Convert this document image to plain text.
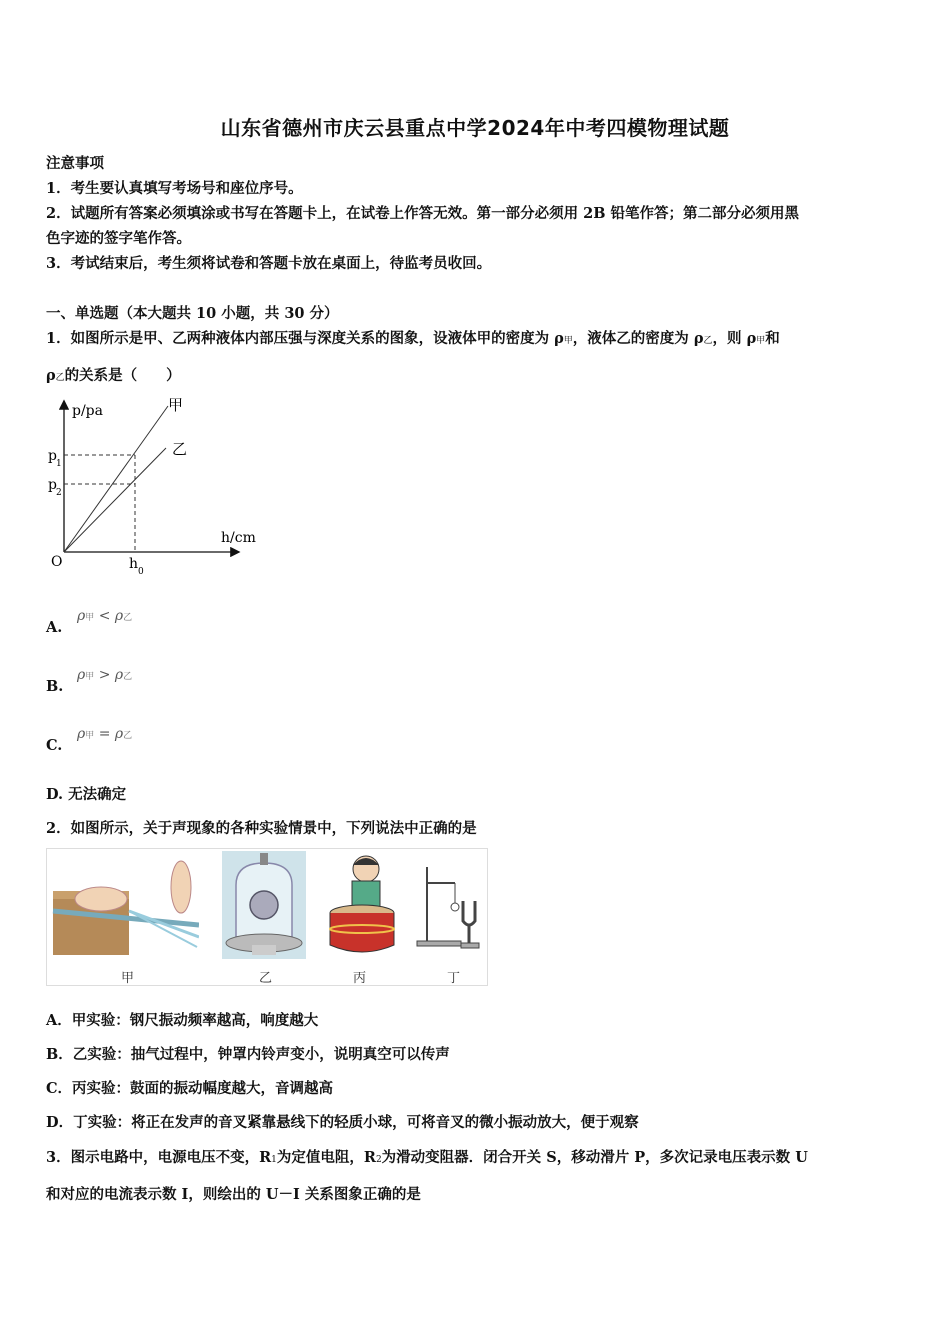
山东省德州市庆云县重点中学2024年中考四模物理试题
注意事项
1．考生要认真填写考场号和座位序号。
2．试题所有答案必须填涂或书写在答题卡上，在试卷上作答无效。第一部分必须用 2B 铅笔作答；第二部分必须用黑
色字迹的签字笔作答。
3．考试结束后，考生须将试卷和答题卡放在桌面上，待监考员收回。
一、单选题（本大题共 10 小题，共 30 分）
1．如图所示是甲、乙两种液体内部压强与深度关系的图象，设液体甲的密度为 ρ甲，液体乙的密度为 ρ乙，则 ρ甲和
ρ乙的关系是（　　）
p/pa
h/cm
O
p 1
p 2
h 0
甲
乙
A.
ρ甲 < ρ乙
B.
ρ甲 > ρ乙
C.
ρ甲 = ρ乙
D. 无法确定
2．如图所示，关于声现象的各种实验情景中，下列说法中正确的是
甲	乙	丙	丁
A．甲实验：钢尺振动频率越高，响度越大
B．乙实验：抽气过程中，钟罩内铃声变小，说明真空可以传声
C．丙实验：鼓面的振动幅度越大，音调越高
D．丁实验：将正在发声的音叉紧靠悬线下的轻质小球，可将音叉的微小振动放大，便于观察
3．图示电路中，电源电压不变，R1为定值电阻，R2为滑动变阻器．闭合开关 S，移动滑片 P，多次记录电压表示数 U
和对应的电流表示数 I，则绘出的 U－I 关系图象正确的是
